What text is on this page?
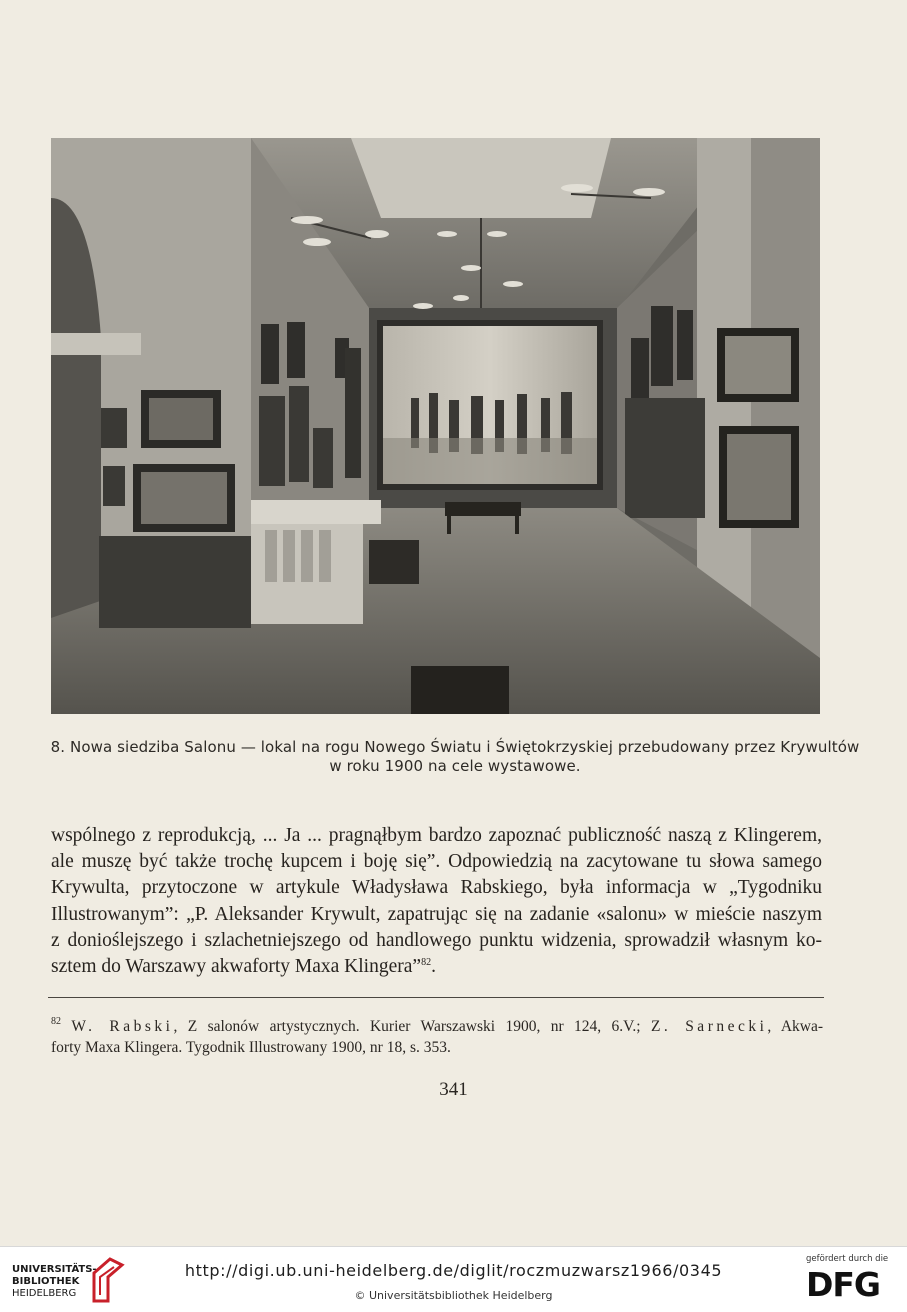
8. Nowa siedziba Salonu — lokal na rogu Nowego Światu i Świętokrzyskiej przebudowany przez Krywultów
w roku 1900 na cele wystawowe.
wspólnego z reprodukcją, ... Ja ... pragnąłbym bardzo zapoznać publiczność naszą z Klingerem,
ale muszę być także trochę kupcem i boję się”. Odpowiedzią na zacytowane tu słowa samego
Krywulta, przytoczone w artykule Władysława Rabskiego, była informacja w „Tygodniku
Illustrowanym”: „P. Aleksander Krywult, zapatrując się na zadanie «salonu» w mieście naszym
z donioślejszego i szlachetniejszego od handlowego punktu widzenia, sprowadził własnym ko-
sztem do Warszawy akwaforty Maxa Klingera”$^{82}$.
$^{82}$ W. Rabski, Z salonów artystycznych. Kurier Warszawski 1900, nr 124, 6.V.; Z. Sarnecki, Akwa-
forty Maxa Klingera. Tygodnik Illustrowany 1900, nr 18, s. 353.
341
UNIVERSITÄTS-
BIBLIOTHEK
HEIDELBERG
http://digi.ub.uni-heidelberg.de/diglit/roczmuzwarsz1966/0345
© Universitätsbibliothek Heidelberg
gefördert durch die
DFG
